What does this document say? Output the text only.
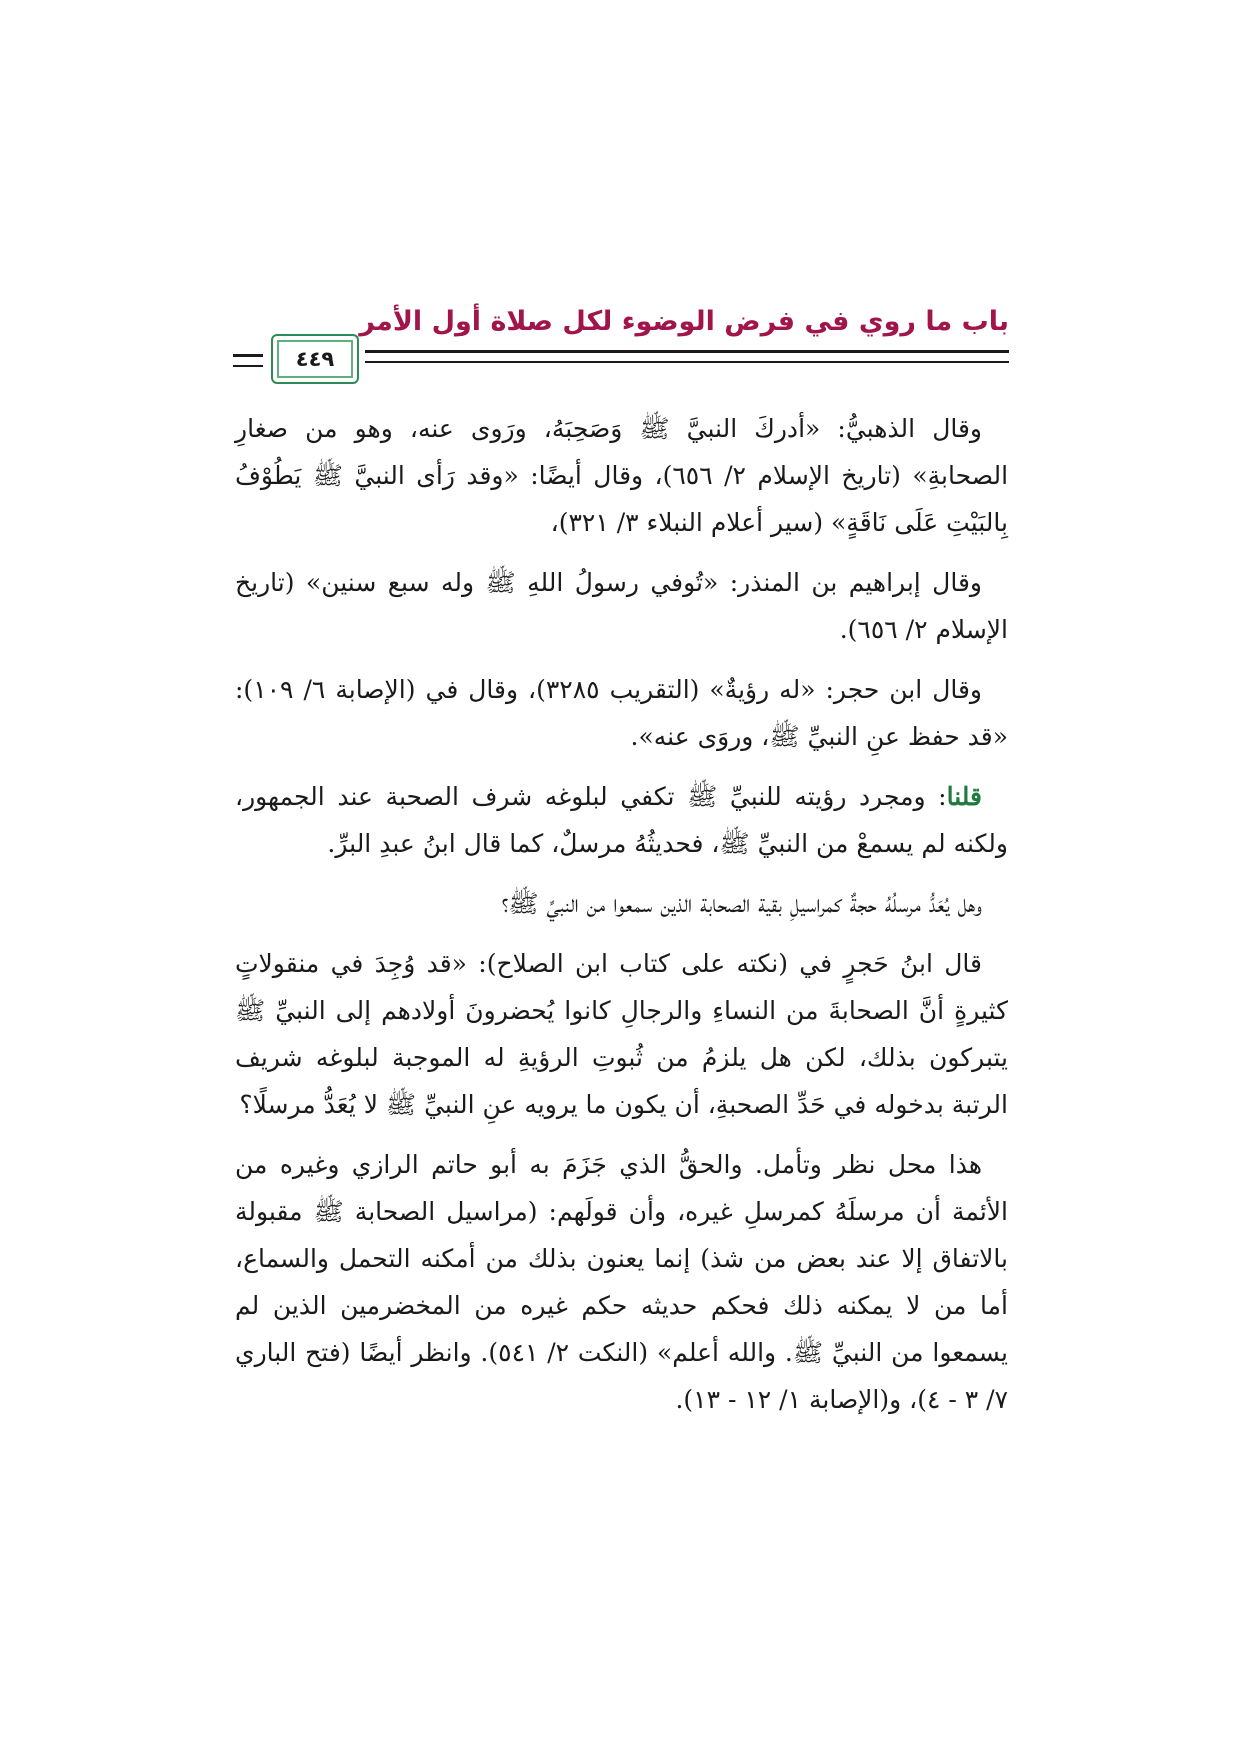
باب ما روي في فرض الوضوء لكل صلاة أول الأمر
٤٤٩

وقال الذهبيُّ: «أدركَ النبيَّ ﷺ وَصَحِبَهُ، ورَوى عنه، وهو من صغارِ الصحابةِ» (تاريخ الإسلام ٢/ ٦٥٦)، وقال أيضًا: «وقد رَأى النبيَّ ﷺ يَطُوْفُ بِالبَيْتِ عَلَى نَاقَةٍ» (سير أعلام النبلاء ٣/ ٣٢١)،

وقال إبراهيم بن المنذر: «تُوفي رسولُ اللهِ ﷺ وله سبع سنين» (تاريخ الإسلام ٢/ ٦٥٦).

وقال ابن حجر: «له رؤيةٌ» (التقريب ٣٢٨٥)، وقال في (الإصابة ٦/ ١٠٩): «قد حفظ عنِ النبيِّ ﷺ، وروَى عنه».

قلنا: ومجرد رؤيته للنبيِّ ﷺ تكفي لبلوغه شرف الصحبة عند الجمهور، ولكنه لم يسمعْ من النبيِّ ﷺ، فحديثُهُ مرسلٌ، كما قال ابنُ عبدِ البرِّ.

وهل يُعَدُّ مرسلُهُ حجةٌ كمراسيلِ بقية الصحابة الذين سمعوا من النبيِّ ﷺ؟

قال ابنُ حَجرٍ في (نكته على كتاب ابن الصلاح): «قد وُجِدَ في منقولاتٍ كثيرةٍ أنَّ الصحابةَ من النساءِ والرجالِ كانوا يُحضرونَ أولادهم إلى النبيِّ ﷺ يتبركون بذلك، لكن هل يلزمُ من ثُبوتِ الرؤيةِ له الموجبة لبلوغه شريف الرتبة بدخوله في حَدِّ الصحبةِ، أن يكون ما يرويه عنِ النبيِّ ﷺ لا يُعَدُّ مرسلًا؟

هذا محل نظر وتأمل. والحقُّ الذي جَزَمَ به أبو حاتم الرازي وغيره من الأئمة أن مرسلَهُ كمرسلِ غيره، وأن قولَهم: (مراسيل الصحابة ﷺ مقبولة بالاتفاق إلا عند بعض من شذ) إنما يعنون بذلك من أمكنه التحمل والسماع، أما من لا يمكنه ذلك فحكم حديثه حكم غيره من المخضرمين الذين لم يسمعوا من النبيِّ ﷺ. والله أعلم» (النكت ٢/ ٥٤١). وانظر أيضًا (فتح الباري ٧/ ٣ - ٤)، و(الإصابة ١/ ١٢ - ١٣).
